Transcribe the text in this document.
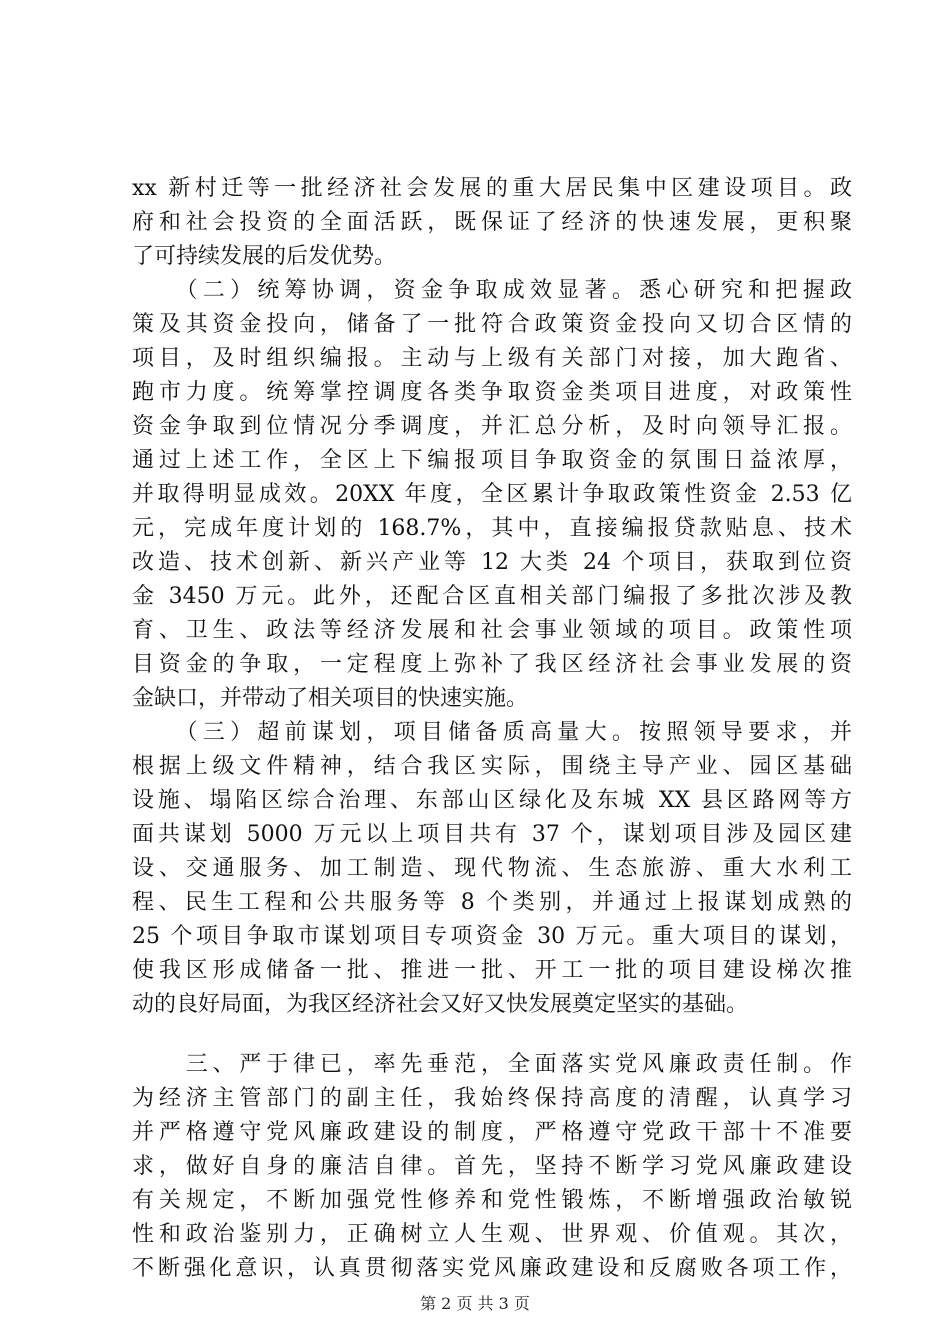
xx 新村迁等一批经济社会发展的重大居民集中区建设项目。政
府和社会投资的全面活跃，既保证了经济的快速发展，更积聚
了可持续发展的后发优势。
　　（二）统筹协调，资金争取成效显著。悉心研究和把握政
策及其资金投向，储备了一批符合政策资金投向又切合区情的
项目，及时组织编报。主动与上级有关部门对接，加大跑省、
跑市力度。统筹掌控调度各类争取资金类项目进度，对政策性
资金争取到位情况分季调度，并汇总分析，及时向领导汇报。
通过上述工作，全区上下编报项目争取资金的氛围日益浓厚，
并取得明显成效。20XX 年度，全区累计争取政策性资金 2.53 亿
元，完成年度计划的 168.7%，其中，直接编报贷款贴息、技术
改造、技术创新、新兴产业等 12 大类 24 个项目，获取到位资
金 3450 万元。此外，还配合区直相关部门编报了多批次涉及教
育、卫生、政法等经济发展和社会事业领域的项目。政策性项
目资金的争取，一定程度上弥补了我区经济社会事业发展的资
金缺口，并带动了相关项目的快速实施。
　　（三）超前谋划，项目储备质高量大。按照领导要求，并
根据上级文件精神，结合我区实际，围绕主导产业、园区基础
设施、塌陷区综合治理、东部山区绿化及东城 XX 县区路网等方
面共谋划 5000 万元以上项目共有 37 个，谋划项目涉及园区建
设、交通服务、加工制造、现代物流、生态旅游、重大水利工
程、民生工程和公共服务等 8 个类别，并通过上报谋划成熟的
25 个项目争取市谋划项目专项资金 30 万元。重大项目的谋划，
使我区形成储备一批、推进一批、开工一批的项目建设梯次推
动的良好局面，为我区经济社会又好又快发展奠定坚实的基础。
　　三、严于律已，率先垂范，全面落实党风廉政责任制。作
为经济主管部门的副主任，我始终保持高度的清醒，认真学习
并严格遵守党风廉政建设的制度，严格遵守党政干部十不准要
求，做好自身的廉洁自律。首先，坚持不断学习党风廉政建设
有关规定，不断加强党性修养和党性锻炼，不断增强政治敏锐
性和政治鉴别力，正确树立人生观、世界观、价值观。其次，
不断强化意识，认真贯彻落实党风廉政建设和反腐败各项工作，
第 2 页 共 3 页
